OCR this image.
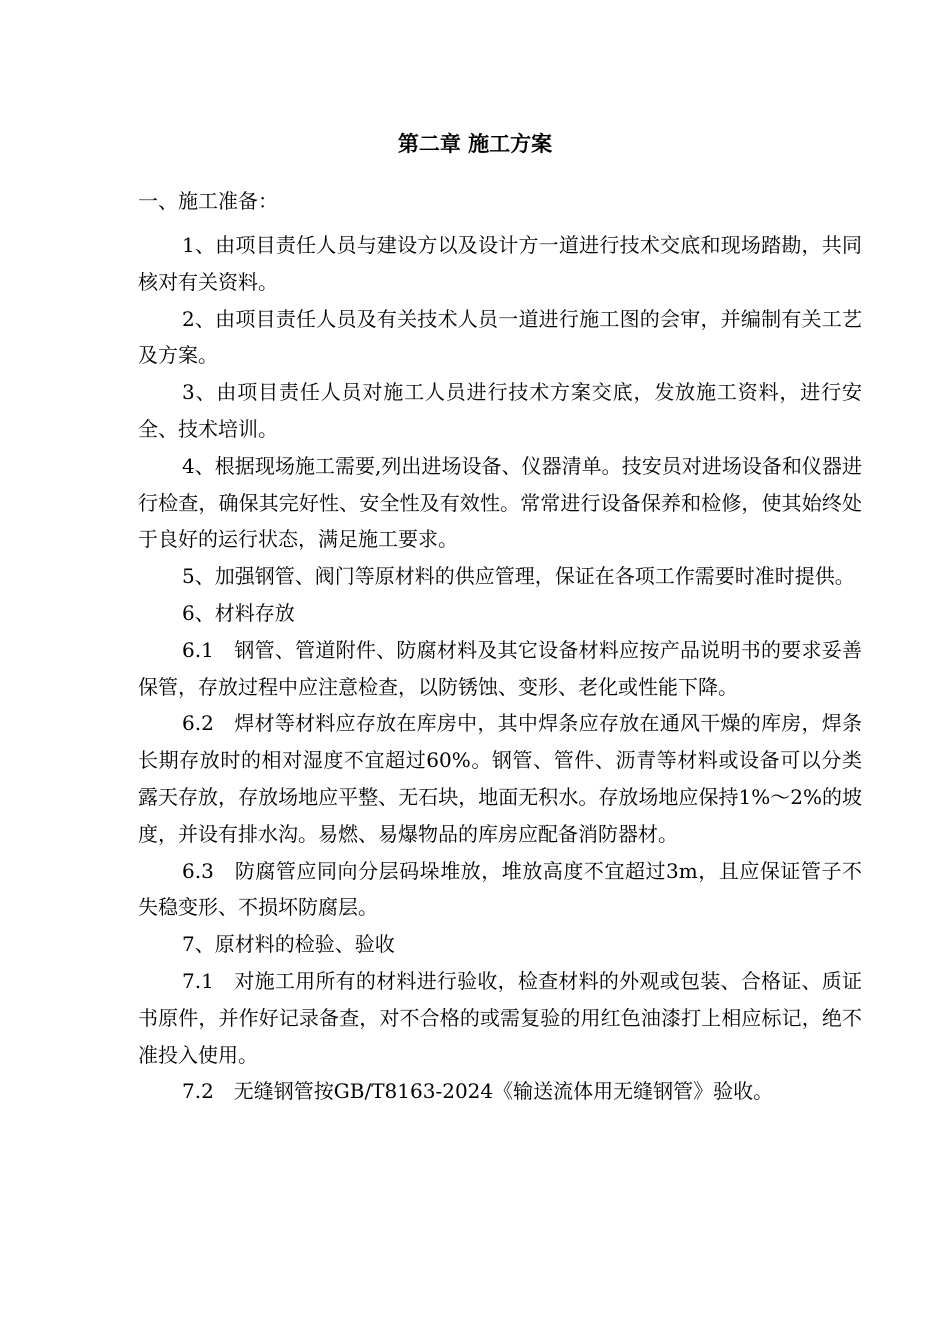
第二章 施工方案
一、施工准备：

1、由项目责任人员与建设方以及设计方一道进行技术交底和现场踏勘，共同核对有关资料。

2、由项目责任人员及有关技术人员一道进行施工图的会审，并编制有关工艺及方案。

3、由项目责任人员对施工人员进行技术方案交底，发放施工资料，进行安全、技术培训。

4、根据现场施工需要,列出进场设备、仪器清单。技安员对进场设备和仪器进行检查，确保其完好性、安全性及有效性。常常进行设备保养和检修，使其始终处于良好的运行状态，满足施工要求。

5、加强钢管、阀门等原材料的供应管理，保证在各项工作需要时准时提供。

6、材料存放

6.1　钢管、管道附件、防腐材料及其它设备材料应按产品说明书的要求妥善保管，存放过程中应注意检查，以防锈蚀、变形、老化或性能下降。

6.2　焊材等材料应存放在库房中，其中焊条应存放在通风干燥的库房，焊条长期存放时的相对湿度不宜超过60%。钢管、管件、沥青等材料或设备可以分类露天存放，存放场地应平整、无石块，地面无积水。存放场地应保持1%～2%的坡度，并设有排水沟。易燃、易爆物品的库房应配备消防器材。

6.3　防腐管应同向分层码垛堆放，堆放高度不宜超过3m，且应保证管子不失稳变形、不损坏防腐层。

7、原材料的检验、验收

7.1　对施工用所有的材料进行验收，检查材料的外观或包装、合格证、质证书原件，并作好记录备查，对不合格的或需复验的用红色油漆打上相应标记，绝不准投入使用。

7.2　无缝钢管按GB/T8163-2024《输送流体用无缝钢管》验收。
